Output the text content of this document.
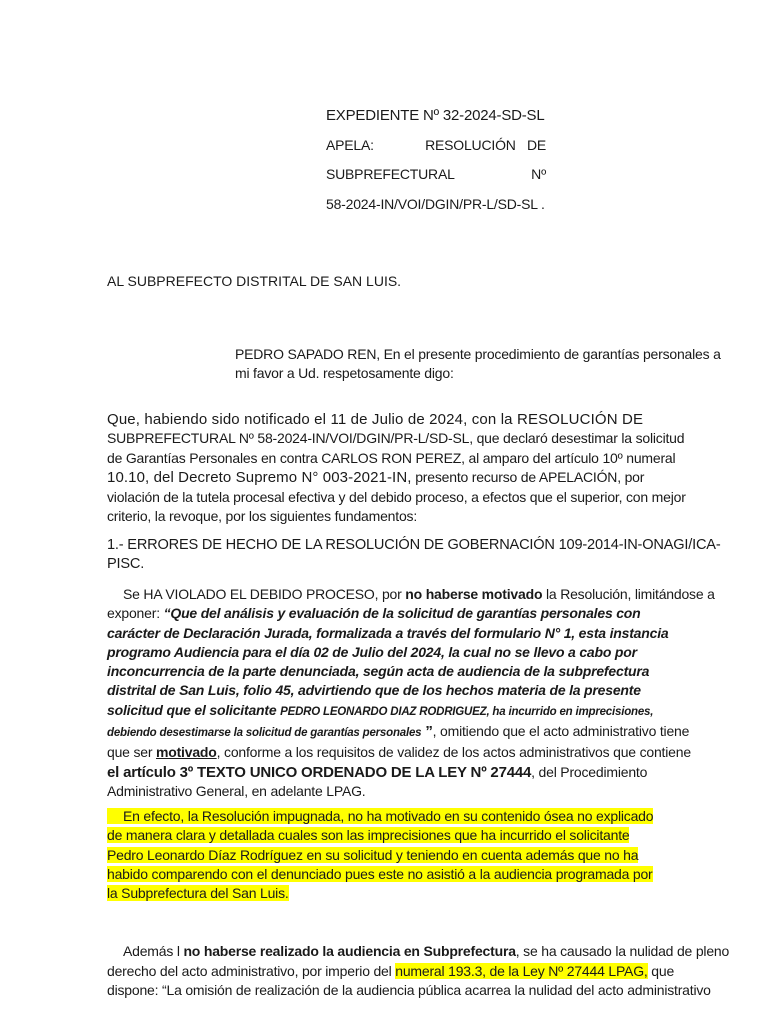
EXPEDIENTE Nº 32-2024-SD-SL
APELA:	RESOLUCIÓN DE
SUBPREFECTURAL	Nº
58-2024-IN/VOI/DGIN/PR-L/SD-SL .

AL SUBPREFECTO DISTRITAL DE SAN LUIS.

PEDRO SAPADO REN, En el presente procedimiento de garantías personales a
mi favor a Ud. respetosamente digo:
Que, habiendo sido notificado el 11 de Julio de 2024, con la RESOLUCIÓN DE
SUBPREFECTURAL Nº 58-2024-IN/VOI/DGIN/PR-L/SD-SL, que declaró desestimar la solicitud
de Garantías Personales en contra CARLOS RON PEREZ, al amparo del artículo 10º numeral
10.10, del Decreto Supremo N° 003-2021-IN, presento recurso de APELACIÓN, por
violación de la tutela procesal efectiva y del debido proceso, a efectos que el superior, con mejor
criterio, la revoque, por los siguientes fundamentos:
1.- ERRORES DE HECHO DE LA RESOLUCIÓN DE GOBERNACIÓN 109-2014-IN-ONAGI/ICA-
PISC.
Se HA VIOLADO EL DEBIDO PROCESO, por no haberse motivado la Resolución, limitándose a
exponer: “Que del análisis y evaluación de la solicitud de garantías personales con
carácter de Declaración Jurada, formalizada a través del formulario N° 1, esta instancia
programo Audiencia para el día 02 de Julio del 2024, la cual no se llevo a cabo por
inconcurrencia de la parte denunciada, según acta de audiencia de la subprefectura
distrital de San Luis, folio 45, advirtiendo que de los hechos materia de la presente
solicitud que el solicitante PEDRO LEONARDO DIAZ RODRIGUEZ, ha incurrido en imprecisiones,
debiendo desestimarse la solicitud de garantías personales ”, omitiendo que el acto administrativo tiene
que ser motivado, conforme a los requisitos de validez de los actos administrativos que contiene
el artículo 3º TEXTO UNICO ORDENADO DE LA LEY Nº 27444, del Procedimiento
Administrativo General, en adelante LPAG.
En efecto, la Resolución impugnada, no ha motivado en su contenido ósea no explicado
de manera clara y detallada cuales son las imprecisiones que ha incurrido el solicitante
Pedro Leonardo Díaz Rodríguez en su solicitud y teniendo en cuenta además que no ha
habido comparendo con el denunciado pues este no asistió a la audiencia programada por
la Subprefectura del San Luis.
Además l no haberse realizado la audiencia en Subprefectura, se ha causado la nulidad de pleno
derecho del acto administrativo, por imperio del numeral 193.3, de la Ley Nº 27444 LPAG, que
dispone: “La omisión de realización de la audiencia pública acarrea la nulidad del acto administrativo
